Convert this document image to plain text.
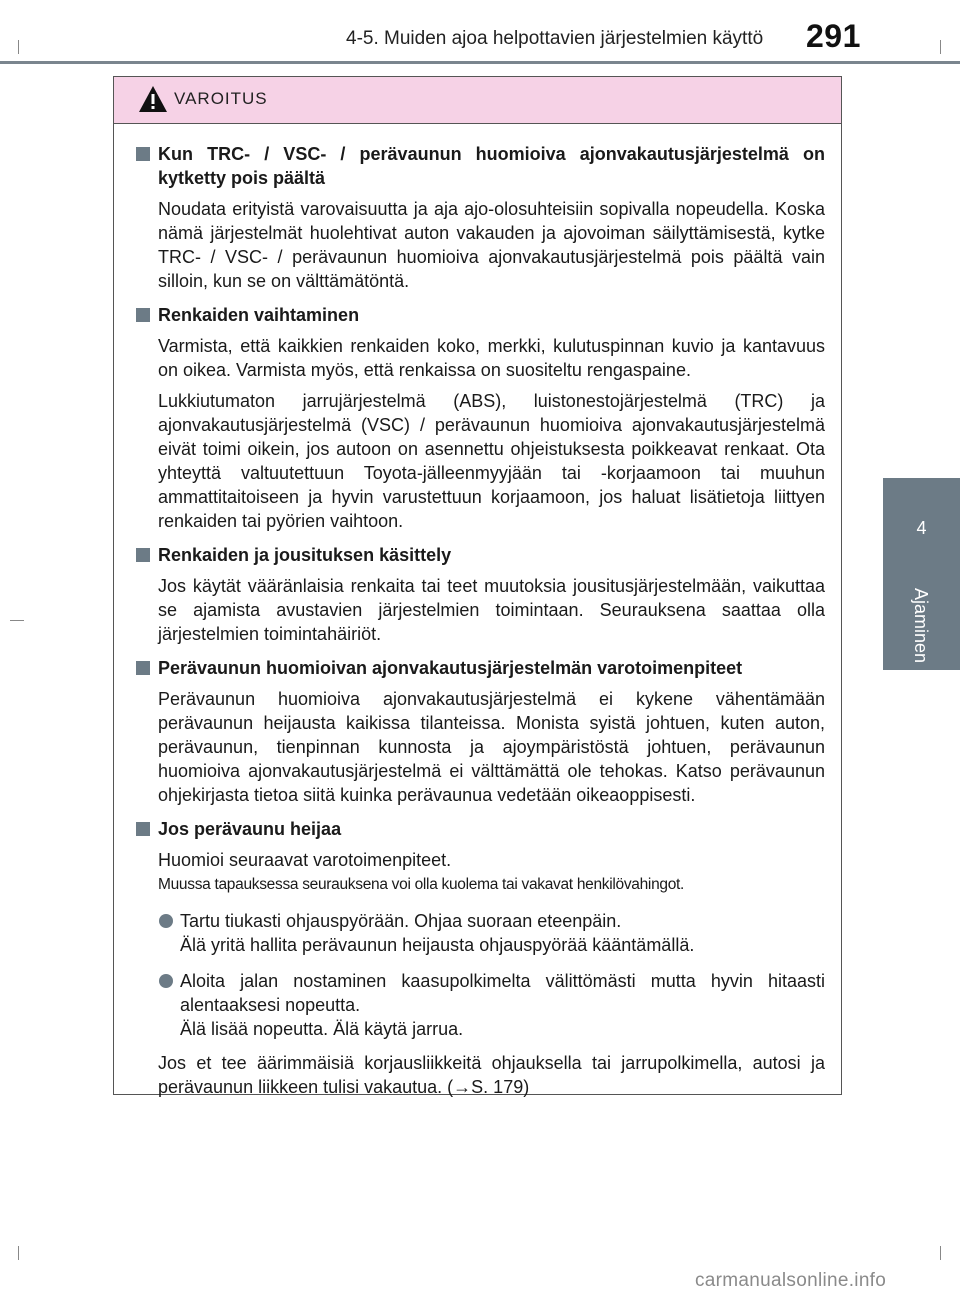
4-5. Muiden ajoa helpottavien järjestelmien käyttö 291
4
Ajaminen
VAROITUS
Kun TRC- / VSC- / perävaunun huomioiva ajonvakautusjärjestelmä on kytketty pois päältä
Noudata erityistä varovaisuutta ja aja ajo-olosuhteisiin sopivalla nopeudella. Koska nämä järjestelmät huolehtivat auton vakauden ja ajovoiman säilyttämisestä, kytke TRC- / VSC- / perävaunun huomioiva ajonvakautusjärjestelmä pois päältä vain silloin, kun se on välttämätöntä.
Renkaiden vaihtaminen
Varmista, että kaikkien renkaiden koko, merkki, kulutuspinnan kuvio ja kantavuus on oikea. Varmista myös, että renkaissa on suositeltu rengaspaine.
Lukkiutumaton jarrujärjestelmä (ABS), luistonestojärjestelmä (TRC) ja ajonvakautusjärjestelmä (VSC) / perävaunun huomioiva ajonvakautusjärjestelmä eivät toimi oikein, jos autoon on asennettu ohjeistuksesta poikkeavat renkaat. Ota yhteyttä valtuutettuun Toyota-jälleenmyyjään tai -korjaamoon tai muuhun ammattitaitoiseen ja hyvin varustettuun korjaamoon, jos haluat lisätietoja liittyen renkaiden tai pyörien vaihtoon.
Renkaiden ja jousituksen käsittely
Jos käytät vääränlaisia renkaita tai teet muutoksia jousitusjärjestelmään, vaikuttaa se ajamista avustavien järjestelmien toimintaan. Seurauksena saattaa olla järjestelmien toimintahäiriöt.
Perävaunun huomioivan ajonvakautusjärjestelmän varotoimenpiteet
Perävaunun huomioiva ajonvakautusjärjestelmä ei kykene vähentämään perävaunun heijausta kaikissa tilanteissa. Monista syistä johtuen, kuten auton, perävaunun, tienpinnan kunnosta ja ajoympäristöstä johtuen, perävaunun huomioiva ajonvakautusjärjestelmä ei välttämättä ole tehokas. Katso perävaunun ohjekirjasta tietoa siitä kuinka perävaunua vedetään oikeaoppisesti.
Jos perävaunu heijaa
Huomioi seuraavat varotoimenpiteet.
Muussa tapauksessa seurauksena voi olla kuolema tai vakavat henkilövahingot.
Tartu tiukasti ohjauspyörään. Ohjaa suoraan eteenpäin.
Älä yritä hallita perävaunun heijausta ohjauspyörää kääntämällä.
Aloita jalan nostaminen kaasupolkimelta välittömästi mutta hyvin hitaasti alentaaksesi nopeutta.
Älä lisää nopeutta. Älä käytä jarrua.
Jos et tee äärimmäisiä korjausliikkeitä ohjauksella tai jarrupolkimella, autosi ja perävaunun liikkeen tulisi vakautua. (→S. 179)
carmanualsonline.info
